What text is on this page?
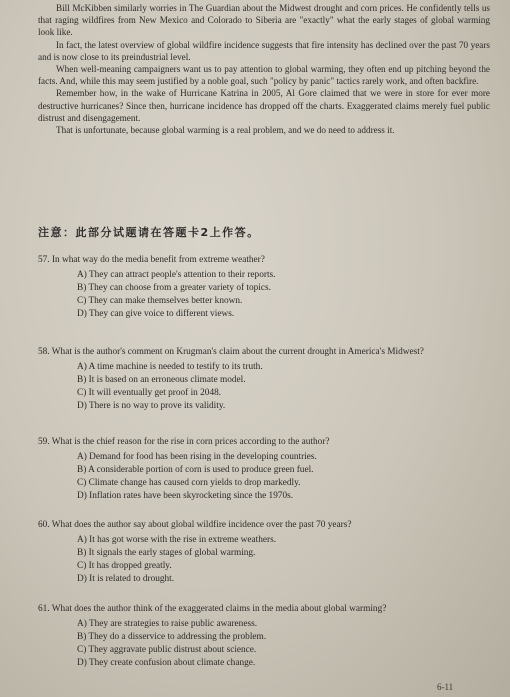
Bill McKibben similarly worries in The Guardian about the Midwest drought and corn prices. He confidently tells us that raging wildfires from New Mexico and Colorado to Siberia are "exactly" what the early stages of global warming look like.

In fact, the latest overview of global wildfire incidence suggests that fire intensity has declined over the past 70 years and is now close to its preindustrial level.

When well-meaning campaigners want us to pay attention to global warming, they often end up pitching beyond the facts. And, while this may seem justified by a noble goal, such "policy by panic" tactics rarely work, and often backfire.

Remember how, in the wake of Hurricane Katrina in 2005, Al Gore claimed that we were in store for ever more destructive hurricanes? Since then, hurricane incidence has dropped off the charts. Exaggerated claims merely fuel public distrust and disengagement.

That is unfortunate, because global warming is a real problem, and we do need to address it.

注意：此部分试题请在答题卡2上作答。

57. In what way do the media benefit from extreme weather?

A) They can attract people's attention to their reports.
B) They can choose from a greater variety of topics.
C) They can make themselves better known.
D) They can give voice to different views.

58. What is the author's comment on Krugman's claim about the current drought in America's Midwest?

A) A time machine is needed to testify to its truth.
B) It is based on an erroneous climate model.
C) It will eventually get proof in 2048.
D) There is no way to prove its validity.

59. What is the chief reason for the rise in corn prices according to the author?

A) Demand for food has been rising in the developing countries.
B) A considerable portion of corn is used to produce green fuel.
C) Climate change has caused corn yields to drop markedly.
D) Inflation rates have been skyrocketing since the 1970s.

60. What does the author say about global wildfire incidence over the past 70 years?

A) It has got worse with the rise in extreme weathers.
B) It signals the early stages of global warming.
C) It has dropped greatly.
D) It is related to drought.

61. What does the author think of the exaggerated claims in the media about global warming?

A) They are strategies to raise public awareness.
B) They do a disservice to addressing the problem.
C) They aggravate public distrust about science.
D) They create confusion about climate change.
6-11
